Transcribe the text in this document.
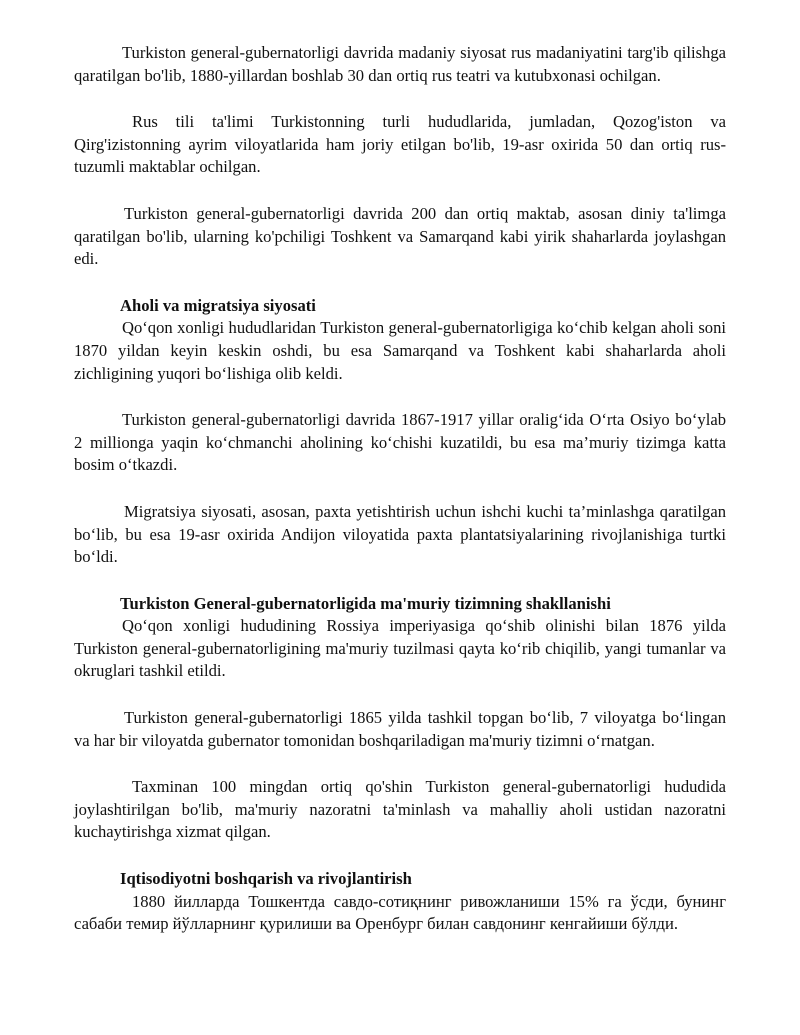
Turkiston general-gubernatorligi davrida madaniy siyosat rus madaniyatini targ'ib qilishga qaratilgan bo'lib, 1880-yillardan boshlab 30 dan ortiq rus teatri va kutubxonasi ochilgan.

Rus tili ta'limi Turkistonning turli hududlarida, jumladan, Qozog'iston va Qirg'izistonning ayrim viloyatlarida ham joriy etilgan bo'lib, 19-asr oxirida 50 dan ortiq rus-tuzumli maktablar ochilgan.

Turkiston general-gubernatorligi davrida 200 dan ortiq maktab, asosan diniy ta'limga qaratilgan bo'lib, ularning ko'pchiligi Toshkent va Samarqand kabi yirik shaharlarda joylashgan edi.

Aholi va migratsiya siyosati

Qo‘qon xonligi hududlaridan Turkiston general-gubernatorligiga ko‘chib kelgan aholi soni 1870 yildan keyin keskin oshdi, bu esa Samarqand va Toshkent kabi shaharlarda aholi zichligining yuqori bo‘lishiga olib keldi.

Turkiston general-gubernatorligi davrida 1867-1917 yillar oralig‘ida O‘rta Osiyo bo‘ylab 2 millionga yaqin ko‘chmanchi aholining ko‘chishi kuzatildi, bu esa ma’muriy tizimga katta bosim o‘tkazdi.

Migratsiya siyosati, asosan, paxta yetishtirish uchun ishchi kuchi ta’minlashga qaratilgan bo‘lib, bu esa 19-asr oxirida Andijon viloyatida paxta plantatsiyalarining rivojlanishiga turtki bo‘ldi.

Turkiston General-gubernatorligida ma'muriy tizimning shakllanishi

Qo‘qon xonligi hududining Rossiya imperiyasiga qo‘shib olinishi bilan 1876 yilda Turkiston general-gubernatorligining ma'muriy tuzilmasi qayta ko‘rib chiqilib, yangi tumanlar va okruglari tashkil etildi.

Turkiston general-gubernatorligi 1865 yilda tashkil topgan bo‘lib, 7 viloyatga bo‘lingan va har bir viloyatda gubernator tomonidan boshqariladigan ma'muriy tizimni o‘rnatgan.

Taxminan 100 mingdan ortiq qo'shin Turkiston general-gubernatorligi hududida joylashtirilgan bo'lib, ma'muriy nazoratni ta'minlash va mahalliy aholi ustidan nazoratni kuchaytirishga xizmat qilgan.

Iqtisodiyotni boshqarish va rivojlantirish

1880 йилларда Тошкентда савдо-сотиқнинг ривожланиши 15% га ўсди, бунинг сабаби темир йўлларнинг қурилиши ва Оренбург билан савдонинг кенгайиши бўлди.
